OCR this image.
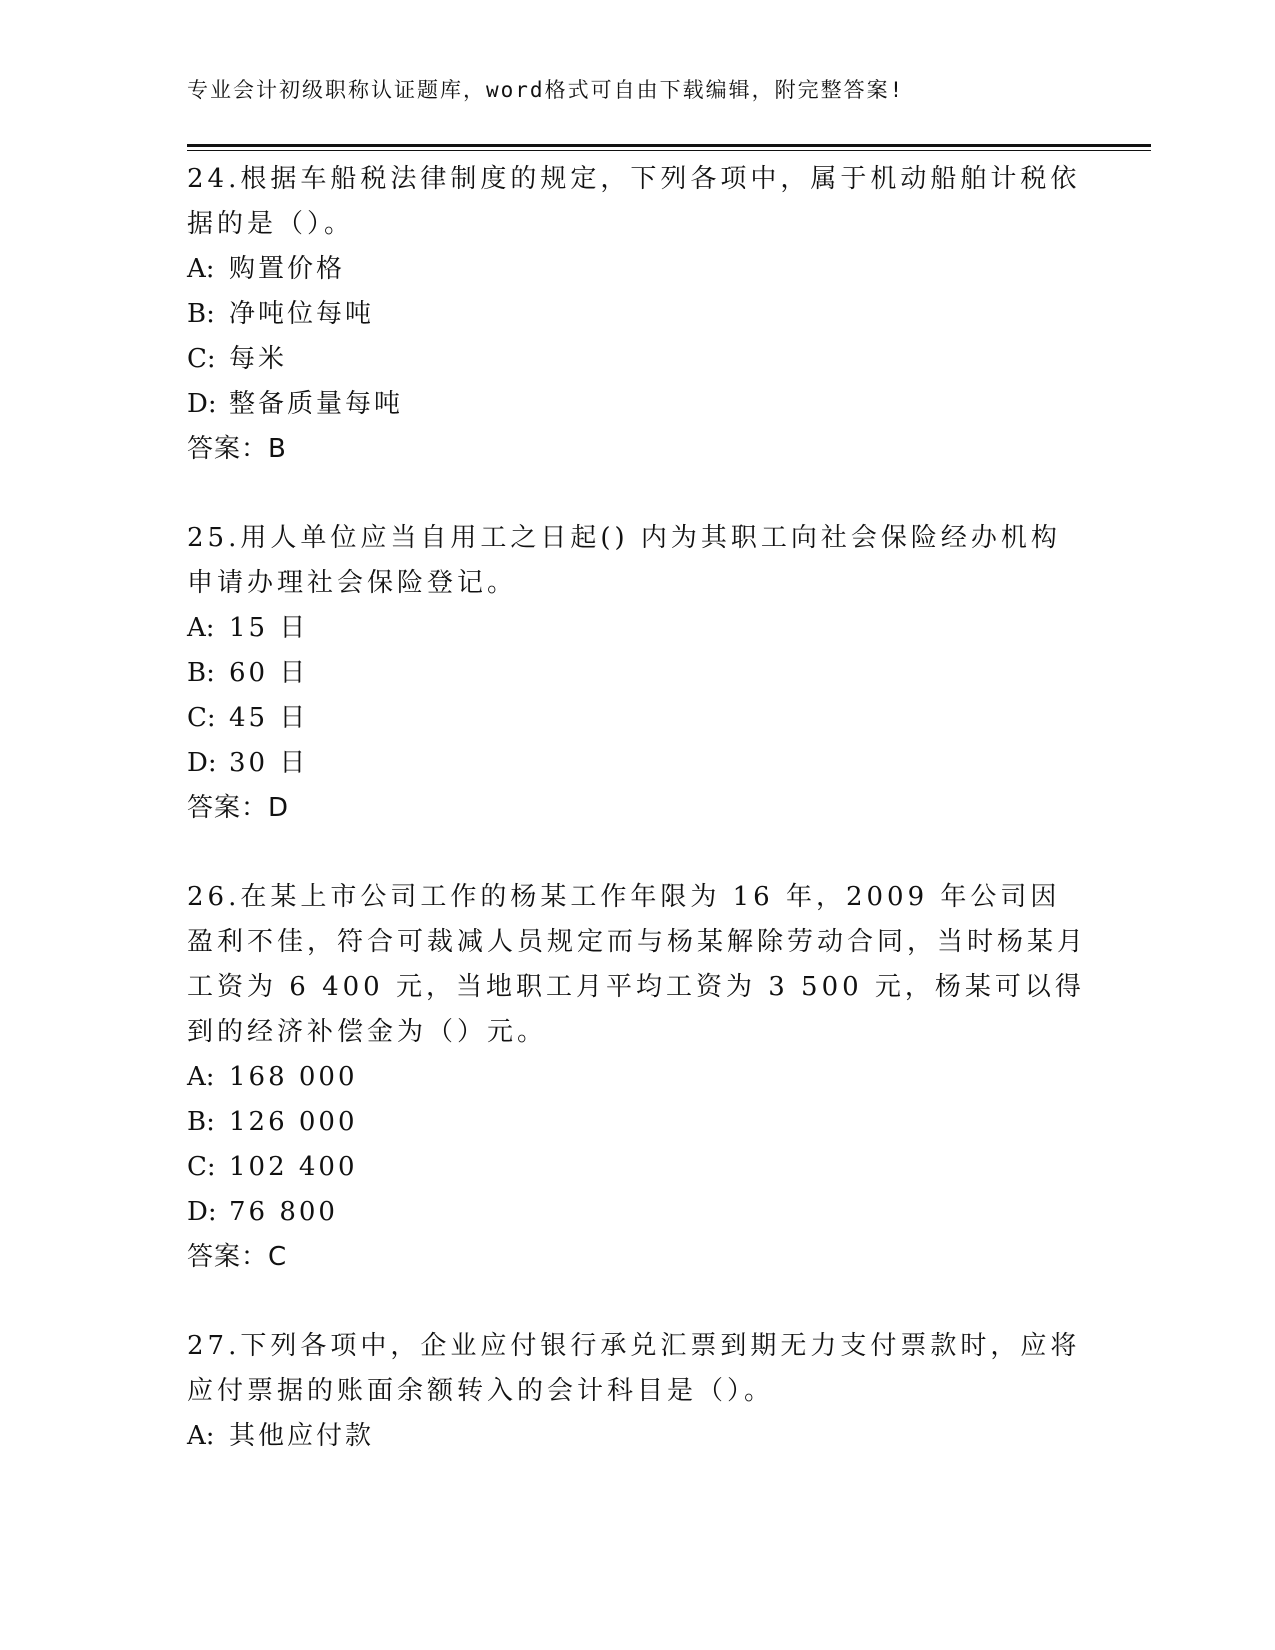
专业会计初级职称认证题库，word格式可自由下载编辑，附完整答案!
24.根据车船税法律制度的规定，下列各项中，属于机动船舶计税依据的是（）。
A: 购置价格
B: 净吨位每吨
C: 每米
D: 整备质量每吨
答案：B
25.用人单位应当自用工之日起() 内为其职工向社会保险经办机构申请办理社会保险登记。
A: 15 日
B: 60 日
C: 45 日
D: 30 日
答案：D
26.在某上市公司工作的杨某工作年限为 16 年，2009 年公司因盈利不佳，符合可裁减人员规定而与杨某解除劳动合同，当时杨某月工资为 6 400 元，当地职工月平均工资为 3 500 元，杨某可以得到的经济补偿金为（）元。
A: 168 000
B: 126 000
C: 102 400
D: 76 800
答案：C
27.下列各项中，企业应付银行承兑汇票到期无力支付票款时，应将应付票据的账面余额转入的会计科目是（）。
A: 其他应付款
